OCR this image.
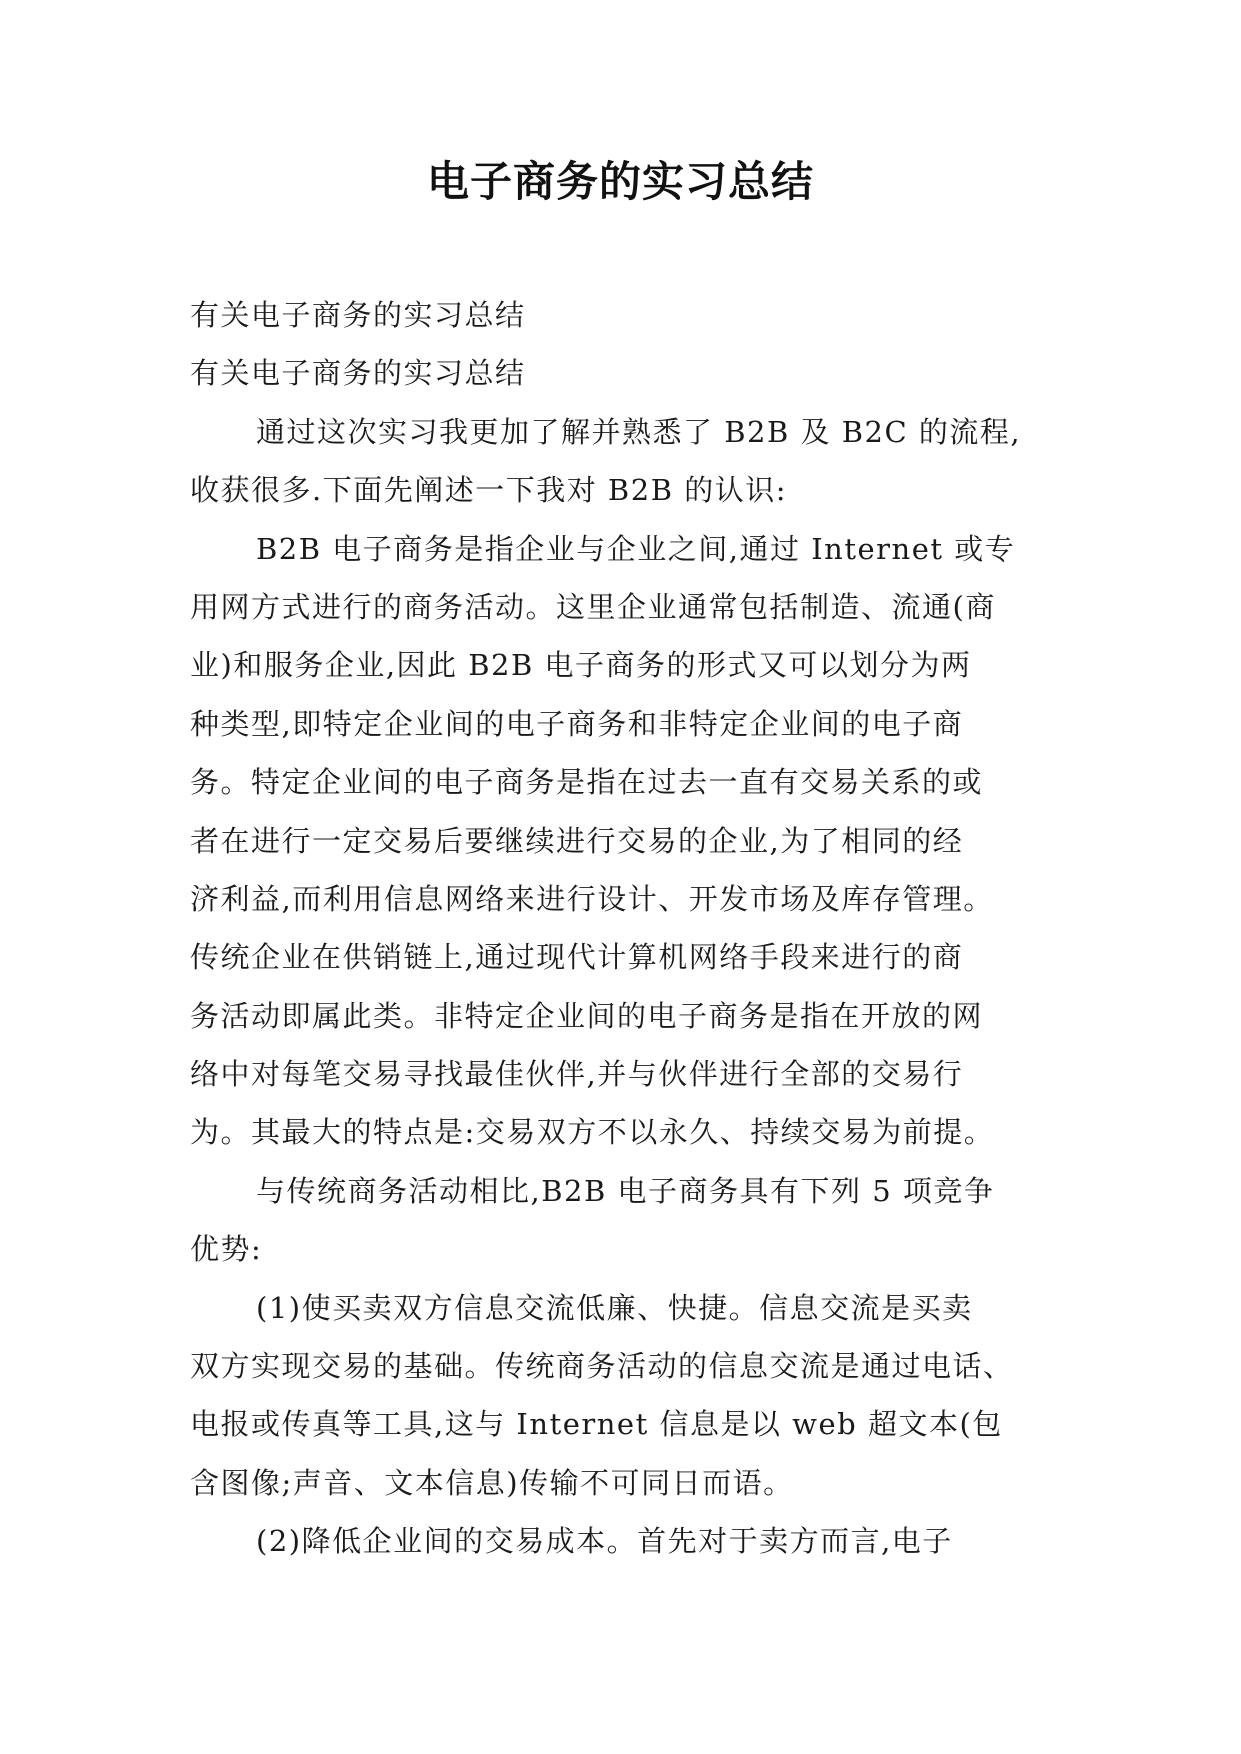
电子商务的实习总结
有关电子商务的实习总结
有关电子商务的实习总结
通过这次实习我更加了解并熟悉了 B2B 及 B2C 的流程,
收获很多.下面先阐述一下我对 B2B 的认识:
B2B 电子商务是指企业与企业之间,通过 Internet 或专
用网方式进行的商务活动。这里企业通常包括制造、流通(商
业)和服务企业,因此 B2B 电子商务的形式又可以划分为两
种类型,即特定企业间的电子商务和非特定企业间的电子商
务。特定企业间的电子商务是指在过去一直有交易关系的或
者在进行一定交易后要继续进行交易的企业,为了相同的经
济利益,而利用信息网络来进行设计、开发市场及库存管理。
传统企业在供销链上,通过现代计算机网络手段来进行的商
务活动即属此类。非特定企业间的电子商务是指在开放的网
络中对每笔交易寻找最佳伙伴,并与伙伴进行全部的交易行
为。其最大的特点是:交易双方不以永久、持续交易为前提。
与传统商务活动相比,B2B 电子商务具有下列 5 项竞争
优势:
(1)使买卖双方信息交流低廉、快捷。信息交流是买卖
双方实现交易的基础。传统商务活动的信息交流是通过电话、
电报或传真等工具,这与 Internet 信息是以 web 超文本(包
含图像;声音、文本信息)传输不可同日而语。
(2)降低企业间的交易成本。首先对于卖方而言,电子
